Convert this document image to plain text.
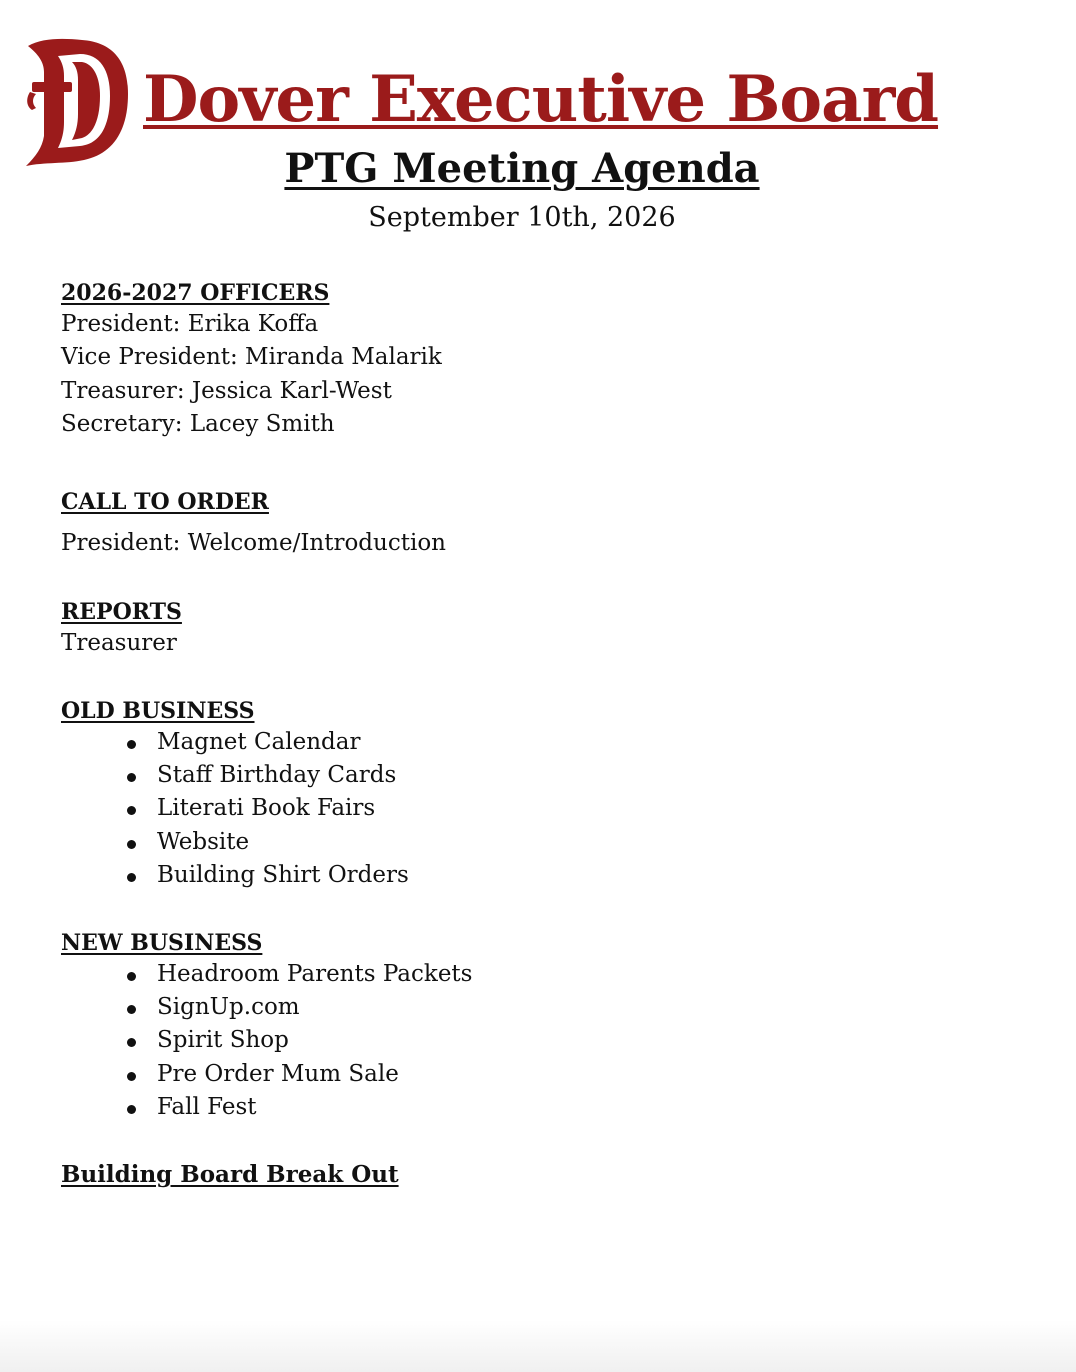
Dover Executive Board
PTG Meeting Agenda
September 10th, 2026

2026-2027 OFFICERS

President: Erika Koffa

Vice President: Miranda Malarik

Treasurer: Jessica Karl-West

Secretary: Lacey Smith

CALL TO ORDER

President: Welcome/Introduction

REPORTS

Treasurer

OLD BUSINESS

Magnet Calendar
Staff Birthday Cards
Literati Book Fairs
Website
Building Shirt Orders

NEW BUSINESS

Headroom Parents Packets
SignUp.com
Spirit Shop
Pre Order Mum Sale
Fall Fest

Building Board Break Out
